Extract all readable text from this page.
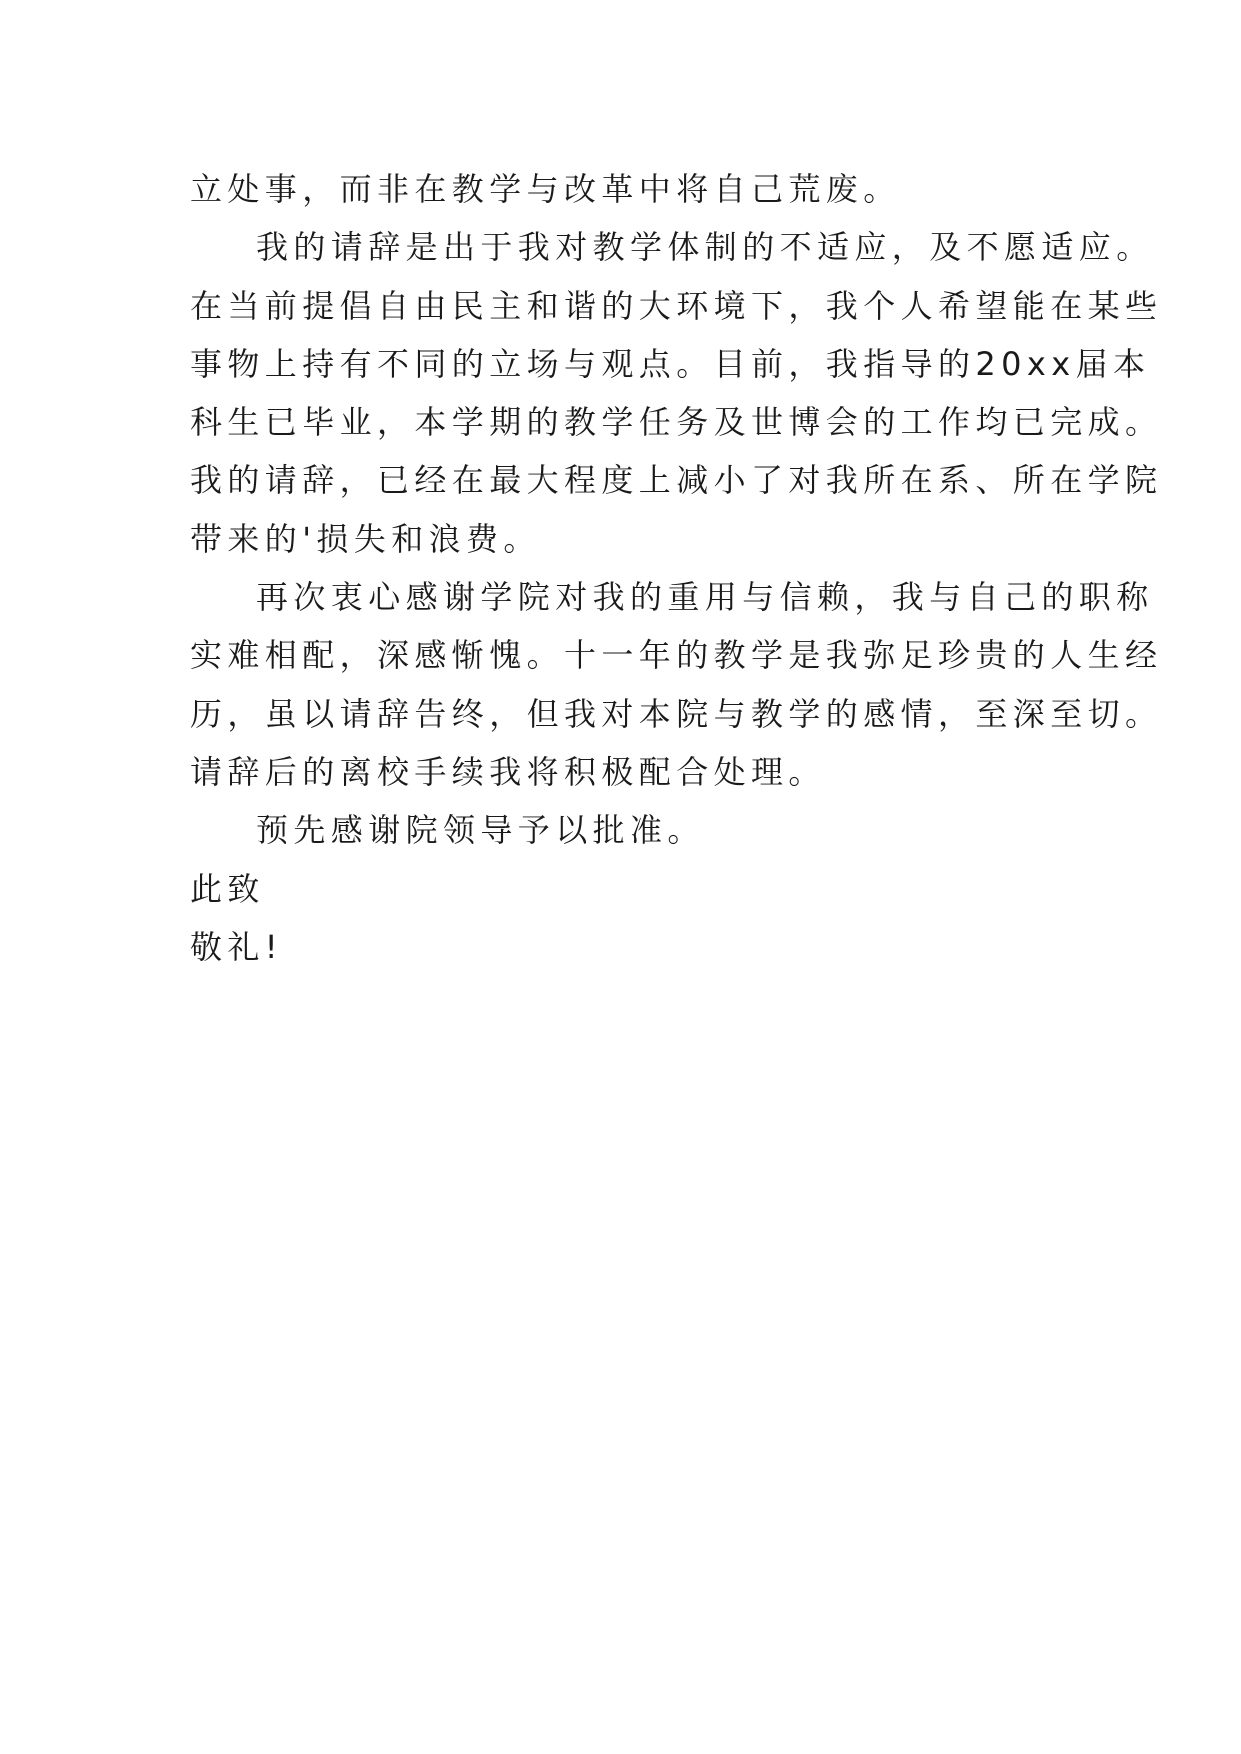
立处事，而非在教学与改革中将自己荒废。
我的请辞是出于我对教学体制的不适应，及不愿适应。
在当前提倡自由民主和谐的大环境下，我个人希望能在某些
事物上持有不同的立场与观点。目前，我指导的20xx届本
科生已毕业，本学期的教学任务及世博会的工作均已完成。
我的请辞，已经在最大程度上减小了对我所在系、所在学院
带来的'损失和浪费。
再次衷心感谢学院对我的重用与信赖，我与自己的职称
实难相配，深感惭愧。十一年的教学是我弥足珍贵的人生经
历，虽以请辞告终，但我对本院与教学的感情，至深至切。
请辞后的离校手续我将积极配合处理。
预先感谢院领导予以批准。
此致
敬礼!
